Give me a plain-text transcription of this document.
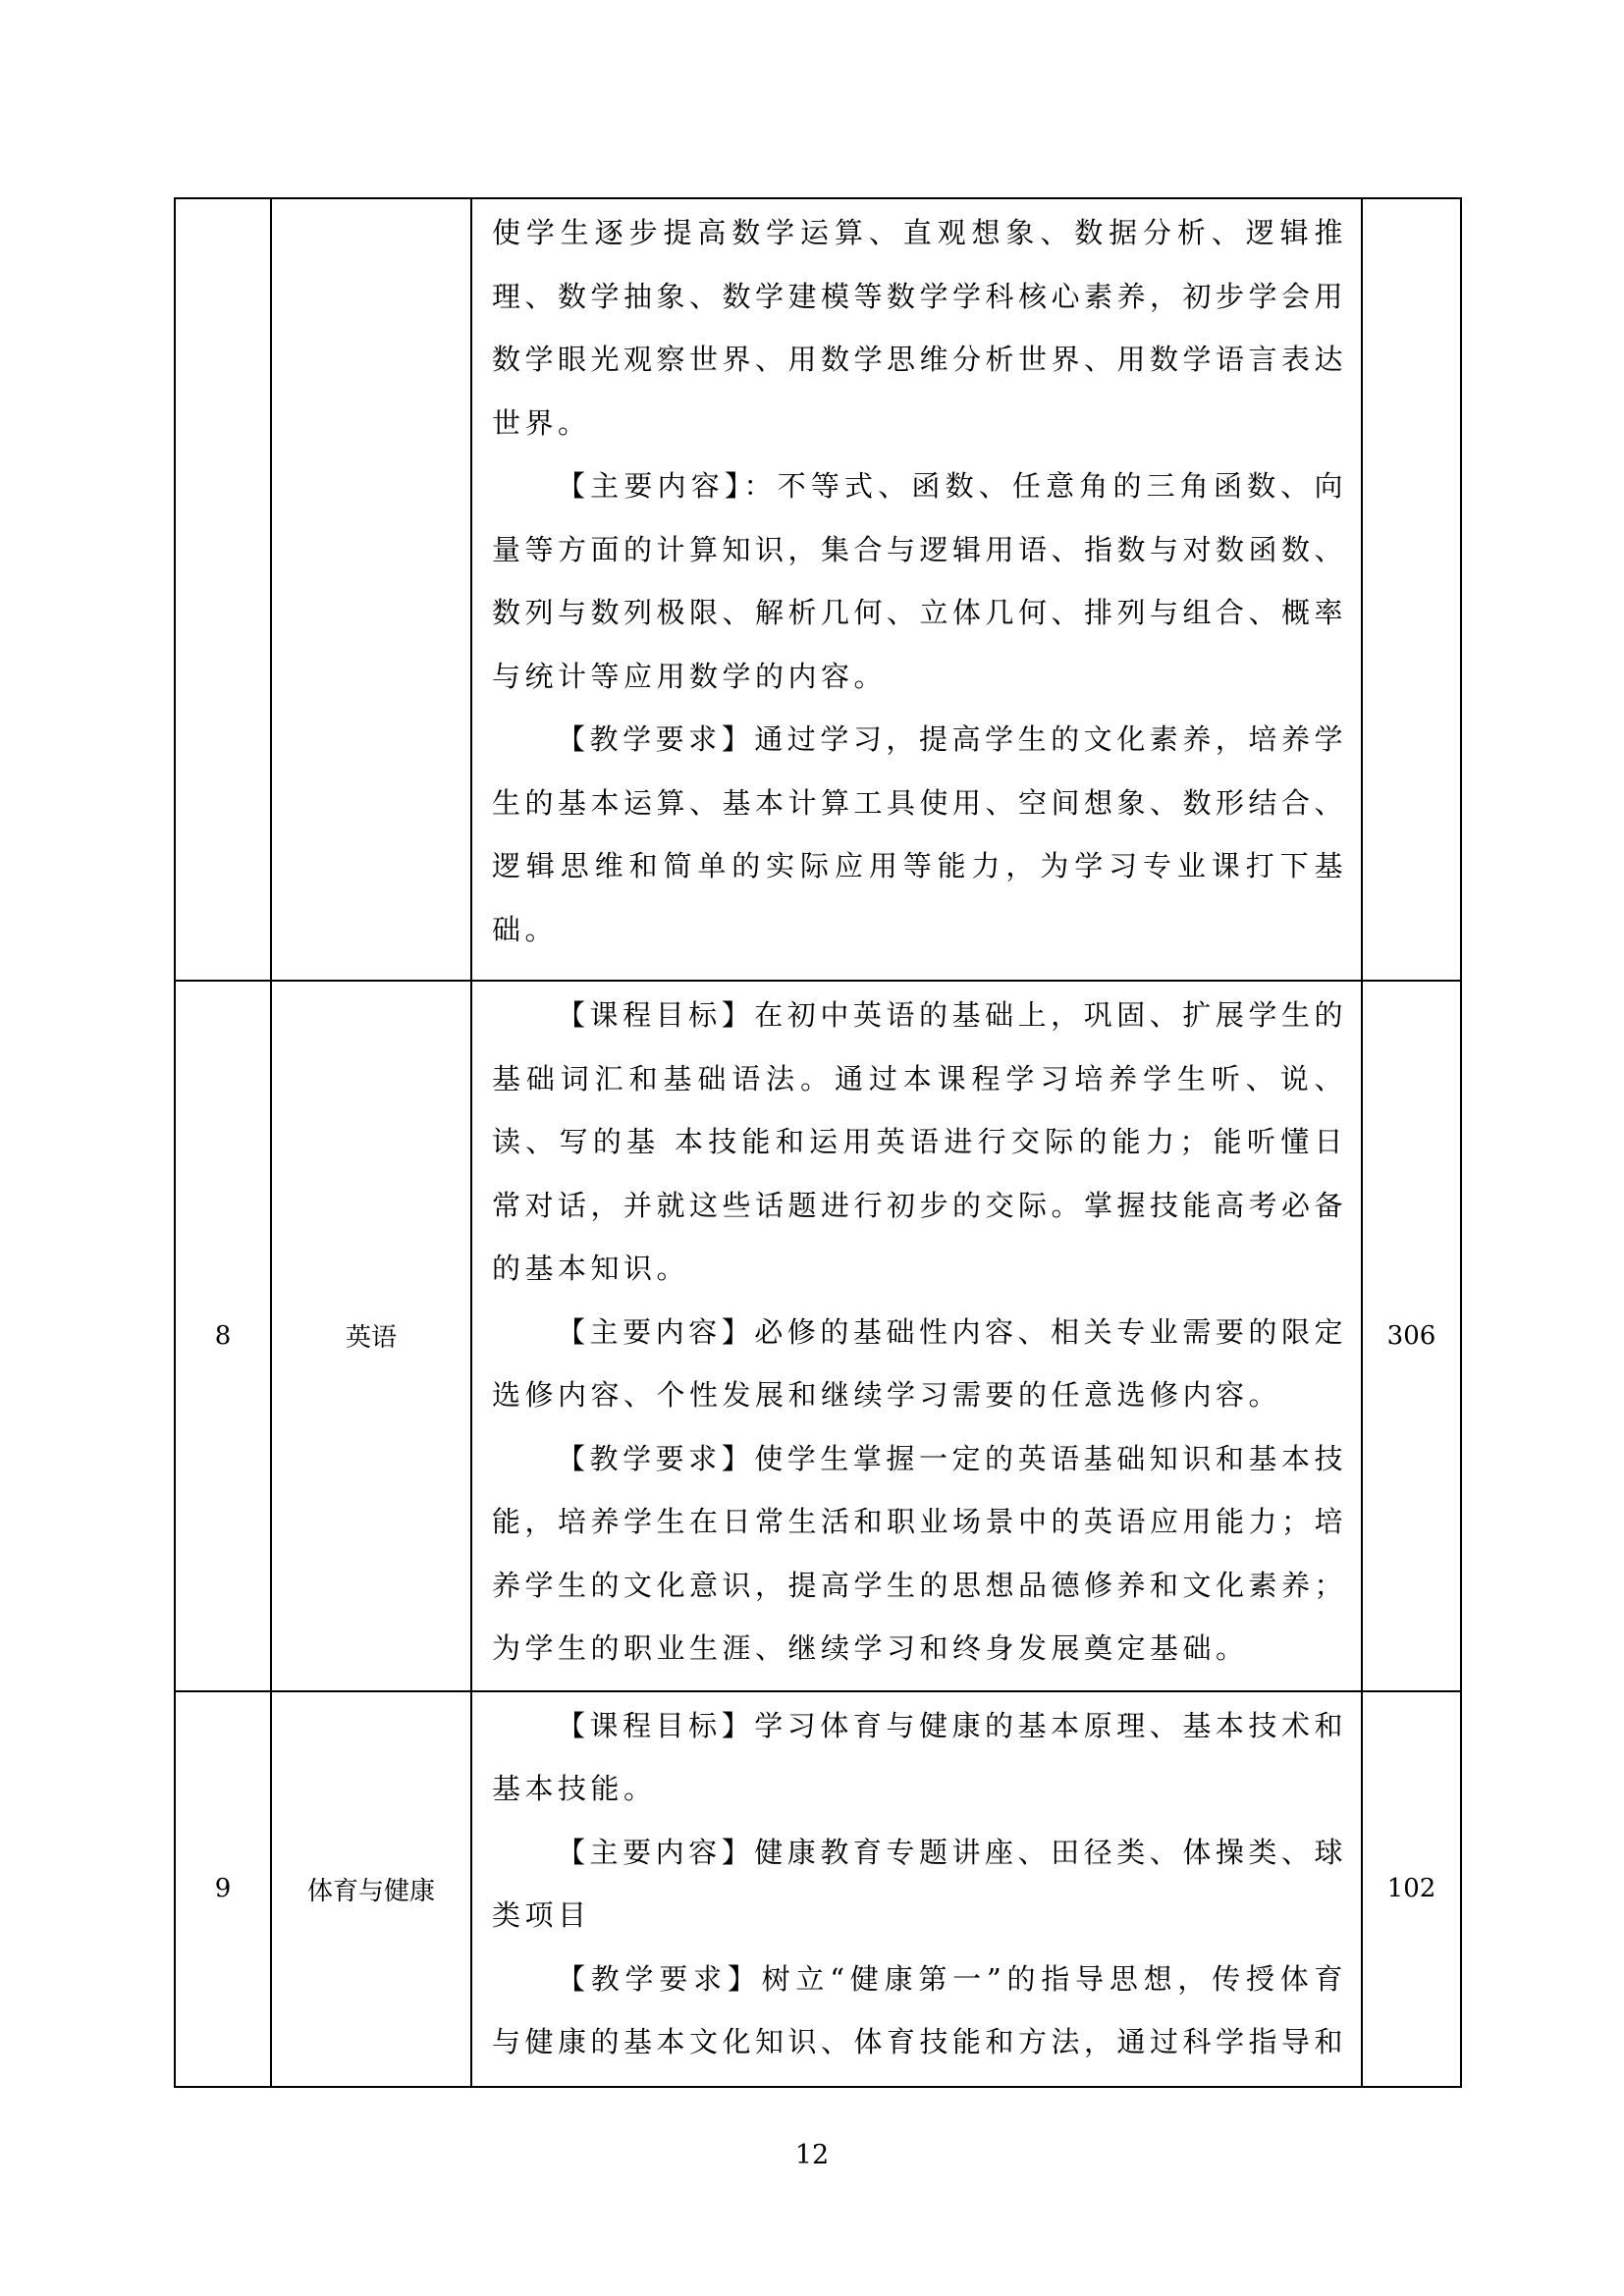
		使学生逐步提高数学运算、直观想象、数据分析、逻辑推理、数学抽象、数学建模等数学学科核心素养，初步学会用数学眼光观察世界、用数学思维分析世界、用数学语言表达世界。

【主要内容】：不等式、函数、任意角的三角函数、向量等方面的计算知识，集合与逻辑用语、指数与对数函数、数列与数列极限、解析几何、立体几何、排列与组合、概率与统计等应用数学的内容。

【教学要求】通过学习，提高学生的文化素养，培养学生的基本运算、基本计算工具使用、空间想象、数形结合、逻辑思维和简单的实际应用等能力，为学习专业课打下基础。	

8	英语	【课程目标】在初中英语的基础上，巩固、扩展学生的基础词汇和基础语法。通过本课程学习培养学生听、说、读、写的基 本技能和运用英语进行交际的能力；能听懂日常对话，并就这些话题进行初步的交际。掌握技能高考必备的基本知识。

【主要内容】必修的基础性内容、相关专业需要的限定选修内容、个性发展和继续学习需要的任意选修内容。

【教学要求】使学生掌握一定的英语基础知识和基本技能，培养学生在日常生活和职业场景中的英语应用能力；培养学生的文化意识，提高学生的思想品德修养和文化素养；为学生的职业生涯、继续学习和终身发展奠定基础。	306
9	体育与健康	【课程目标】学习体育与健康的基本原理、基本技术和基本技能。

【主要内容】健康教育专题讲座、田径类、体操类、球类项目

【教学要求】树立“健康第一”的指导思想，传授体育与健康的基本文化知识、体育技能和方法，通过科学指导和	102
12
